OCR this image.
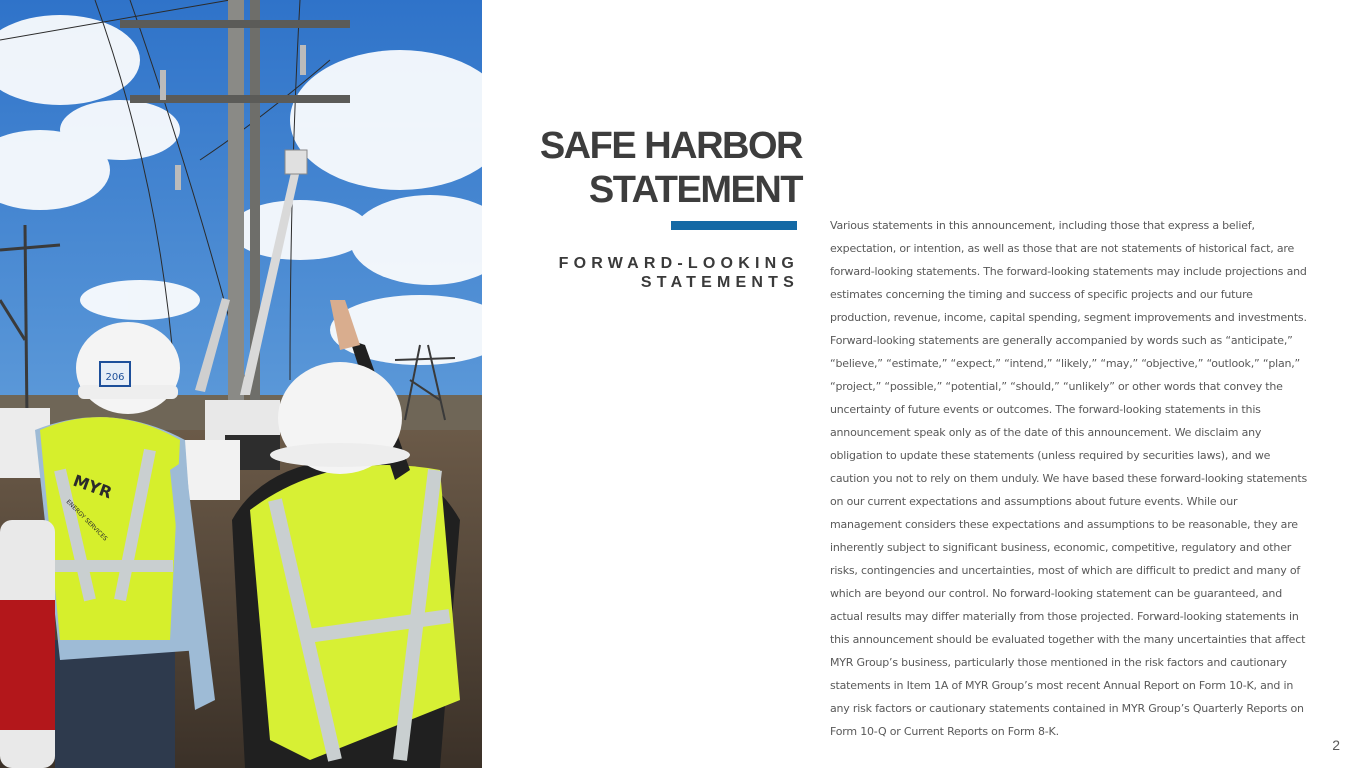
206
MYR
ENERGY SERVICES
SAFE HARBOR
STATEMENT
FORWARD-LOOKING
STATEMENTS

Various statements in this announcement, including those that express a belief, expectation, or intention, as well as those that are not statements of historical fact, are forward-looking statements. The forward-looking statements may include projections and estimates concerning the timing and success of specific projects and our future production, revenue, income, capital spending, segment improvements and investments. Forward-looking statements are generally accompanied by words such as “anticipate,” “believe,” “estimate,” “expect,” “intend,” “likely,” “may,” “objective,” “outlook,” “plan,” “project,” “possible,” “potential,” “should,” “unlikely” or other words that convey the uncertainty of future events or outcomes. The forward-looking statements in this announcement speak only as of the date of this announcement. We disclaim any obligation to update these statements (unless required by securities laws), and we caution you not to rely on them unduly. We have based these forward-looking statements on our current expectations and assumptions about future events. While our management considers these expectations and assumptions to be reasonable, they are inherently subject to significant business, economic, competitive, regulatory and other risks, contingencies and uncertainties, most of which are difficult to predict and many of which are beyond our control. No forward-looking statement can be guaranteed, and actual results may differ materially from those projected. Forward-looking statements in this announcement should be evaluated together with the many uncertainties that affect MYR Group’s business, particularly those mentioned in the risk factors and cautionary statements in Item 1A of MYR Group’s most recent Annual Report on Form 10-K, and in any risk factors or cautionary statements contained in MYR Group’s Quarterly Reports on Form 10-Q or Current Reports on Form 8-K.

2
